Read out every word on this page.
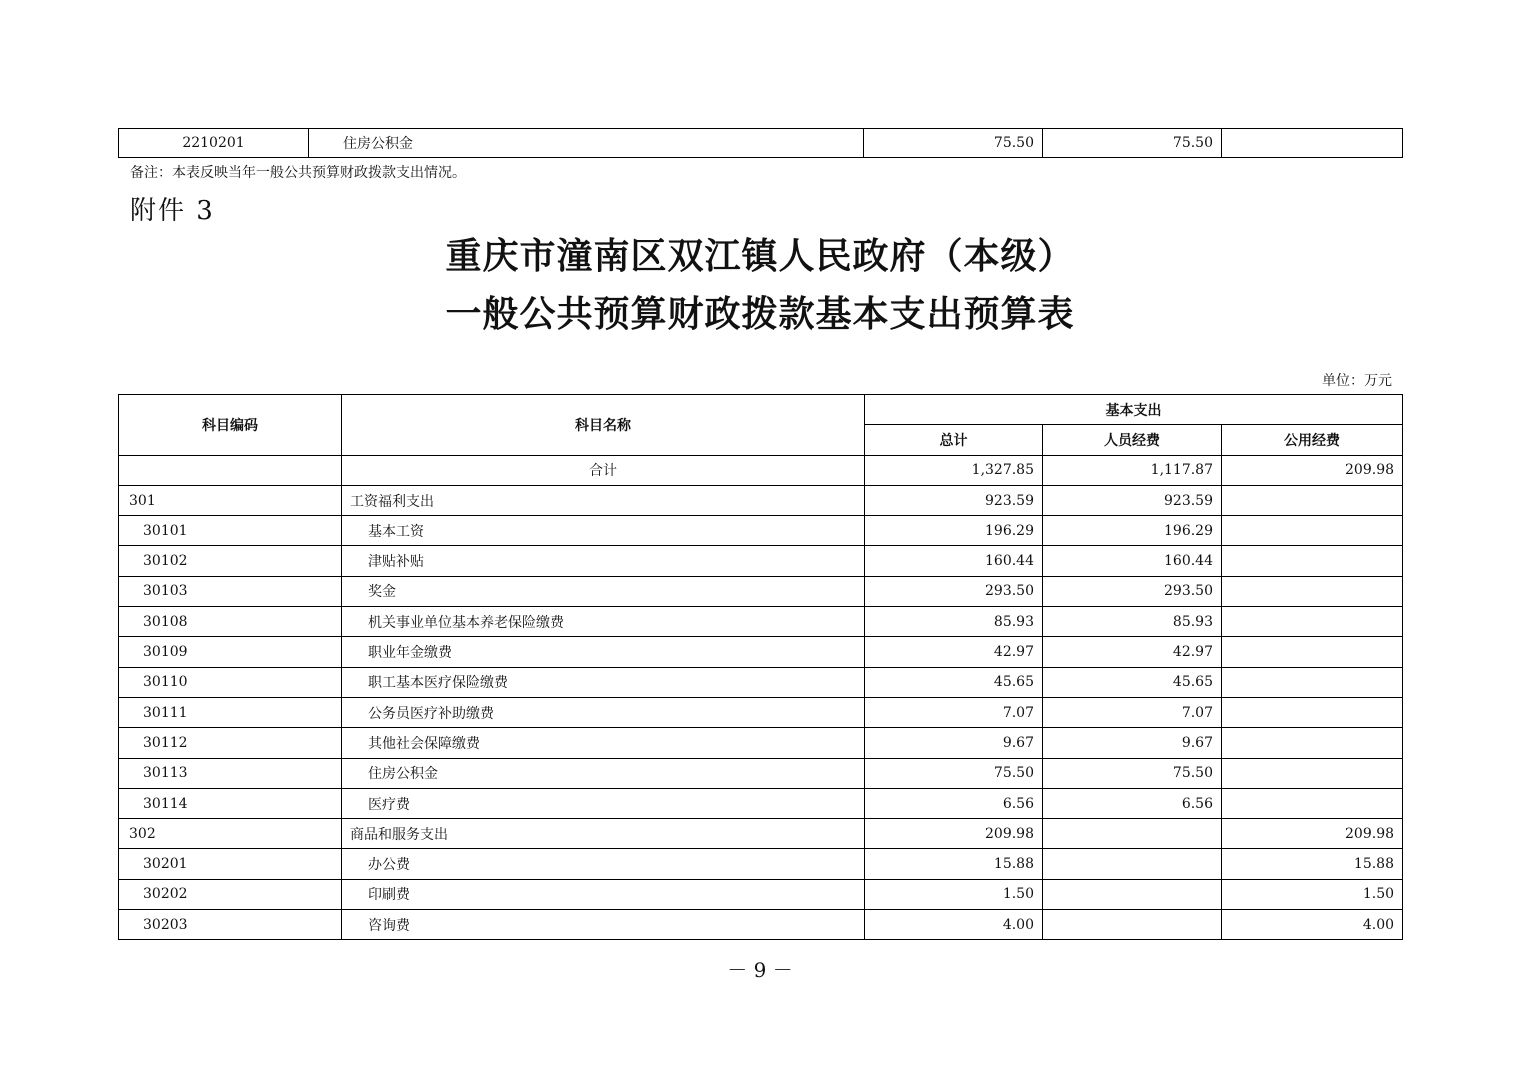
2210201	住房公积金	75.50	75.50	
备注：本表反映当年一般公共预算财政拨款支出情况。
附件 3
重庆市潼南区双江镇人民政府（本级）
一般公共预算财政拨款基本支出预算表
单位：万元
科目编码	科目名称	基本支出		
		总计	人员经费	公用经费
	合计	1,327.85	1,117.87	209.98
301	工资福利支出	923.59	923.59	
30101	基本工资	196.29	196.29	
30102	津贴补贴	160.44	160.44	
30103	奖金	293.50	293.50	
30108	机关事业单位基本养老保险缴费	85.93	85.93	
30109	职业年金缴费	42.97	42.97	
30110	职工基本医疗保险缴费	45.65	45.65	
30111	公务员医疗补助缴费	7.07	7.07	
30112	其他社会保障缴费	9.67	9.67	
30113	住房公积金	75.50	75.50	
30114	医疗费	6.56	6.56	
302	商品和服务支出	209.98		209.98
30201	办公费	15.88		15.88
30202	印刷费	1.50		1.50
30203	咨询费	4.00		4.00
－ 9 －
